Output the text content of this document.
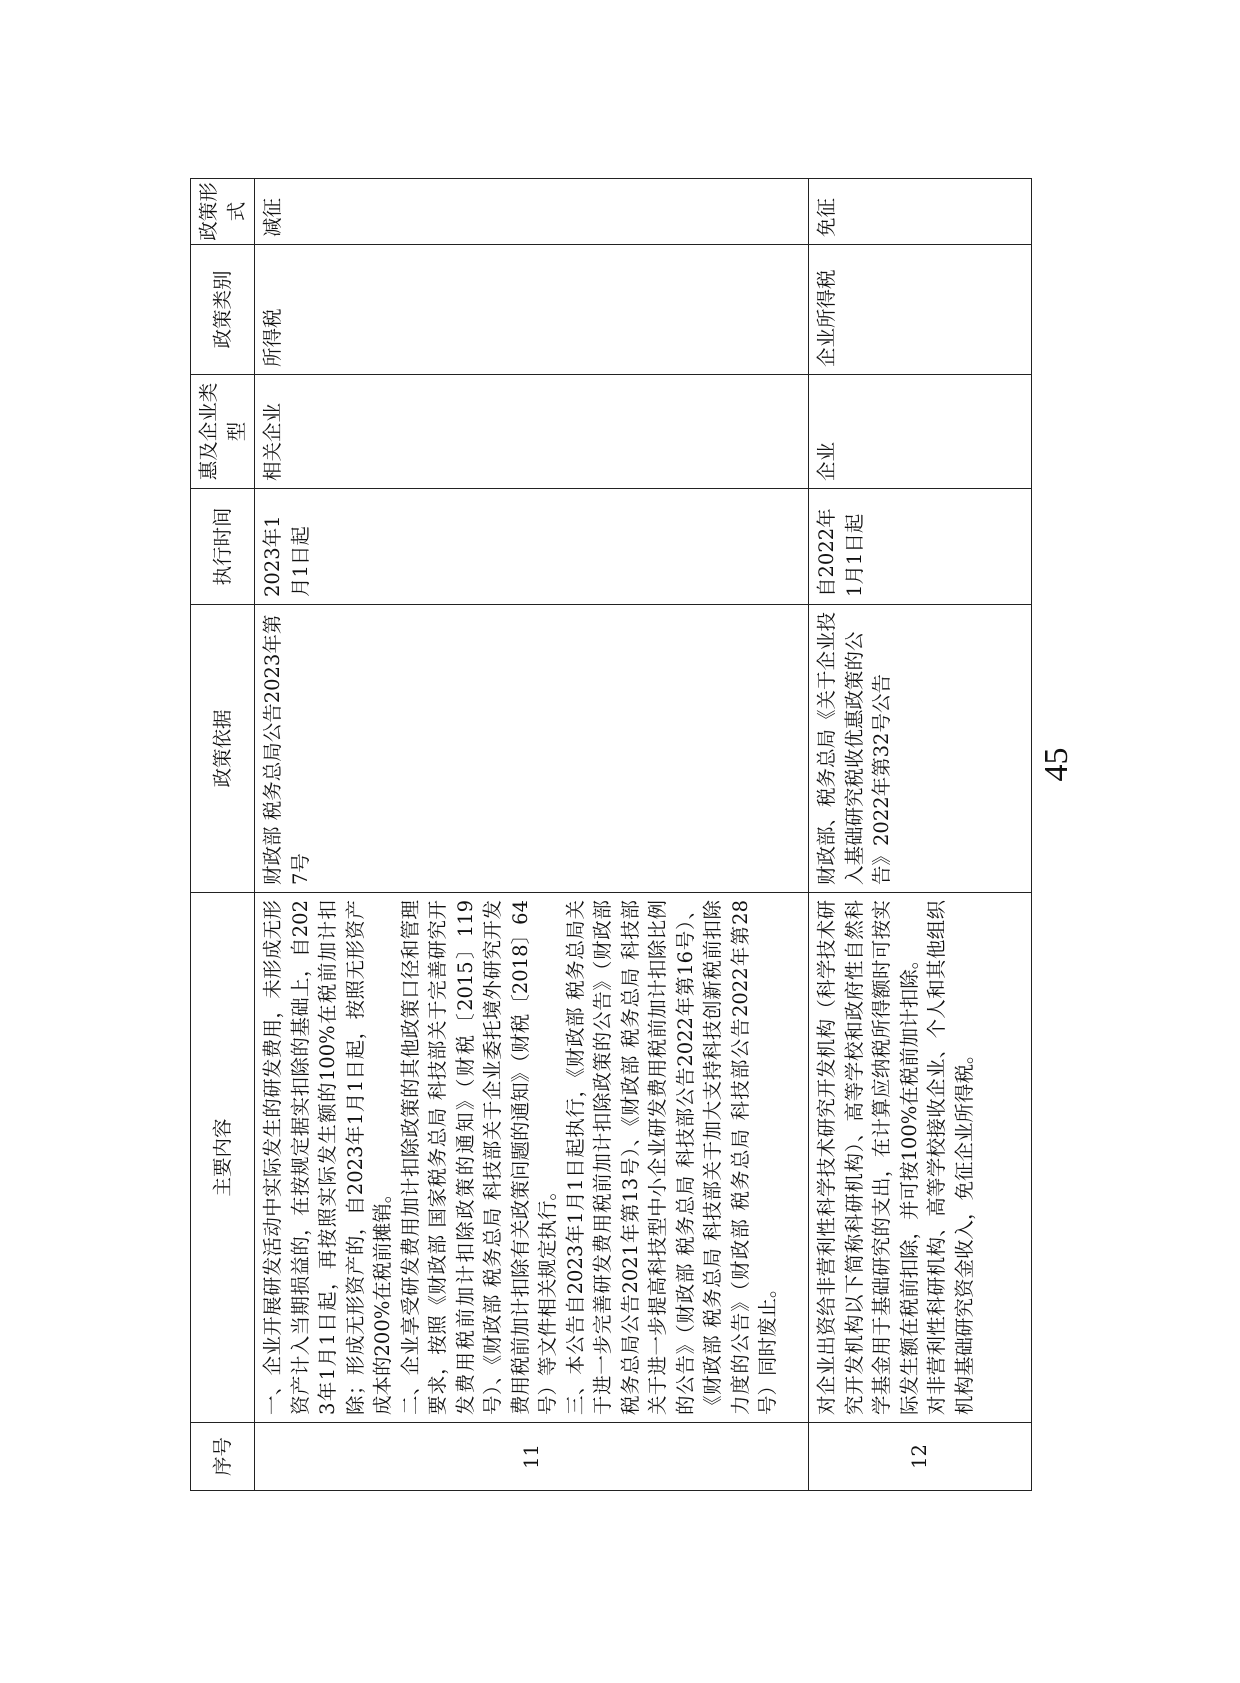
序号	主要内容	政策依据	执行时间	惠及企业类型	政策类别	政策形式
11	一、企业开展研发活动中实际发生的研发费用，未形成无形资产计入当期损益的，在按规定据实扣除的基础上，自2023年1月1日起，再按照实际发生额的100%在税前加计扣除；形成无形资产的，自2023年1月1日起，按照无形资产成本的200%在税前摊销。 二、企业享受研发费用加计扣除政策的其他政策口径和管理要求，按照《财政部 国家税务总局 科技部关于完善研究开发费用税前加计扣除政策的通知》（财税〔2015〕119号）、《财政部 税务总局 科技部关于企业委托境外研究开发费用税前加计扣除有关政策问题的通知》（财税〔2018〕64号）等文件相关规定执行。 三、本公告自2023年1月1日起执行，《财政部 税务总局关于进一步完善研发费用税前加计扣除政策的公告》（财政部 税务总局公告2021年第13号）、《财政部 税务总局 科技部关于进一步提高科技型中小企业研发费用税前加计扣除比例的公告》（财政部 税务总局 科技部公告2022年第16号）、《财政部 税务总局 科技部关于加大支持科技创新税前扣除力度的公告》（财政部 税务总局 科技部公告2022年第28号）同时废止。	财政部 税务总局公告2023年第7号	2023年1月1日起	相关企业	所得税	减征
12	对企业出资给非营利性科学技术研究开发机构（科学技术研究开发机构以下简称科研机构）、高等学校和政府性自然科学基金用于基础研究的支出，在计算应纳税所得额时可按实际发生额在税前扣除，并可按100%在税前加计扣除。 对非营利性科研机构、高等学校接收企业、个人和其他组织机构基础研究资金收入，免征企业所得税。	财政部、税务总局《关于企业投入基础研究税收优惠政策的公告》2022年第32号公告	自2022年1月1日起	企业	企业所得税	免征
45
